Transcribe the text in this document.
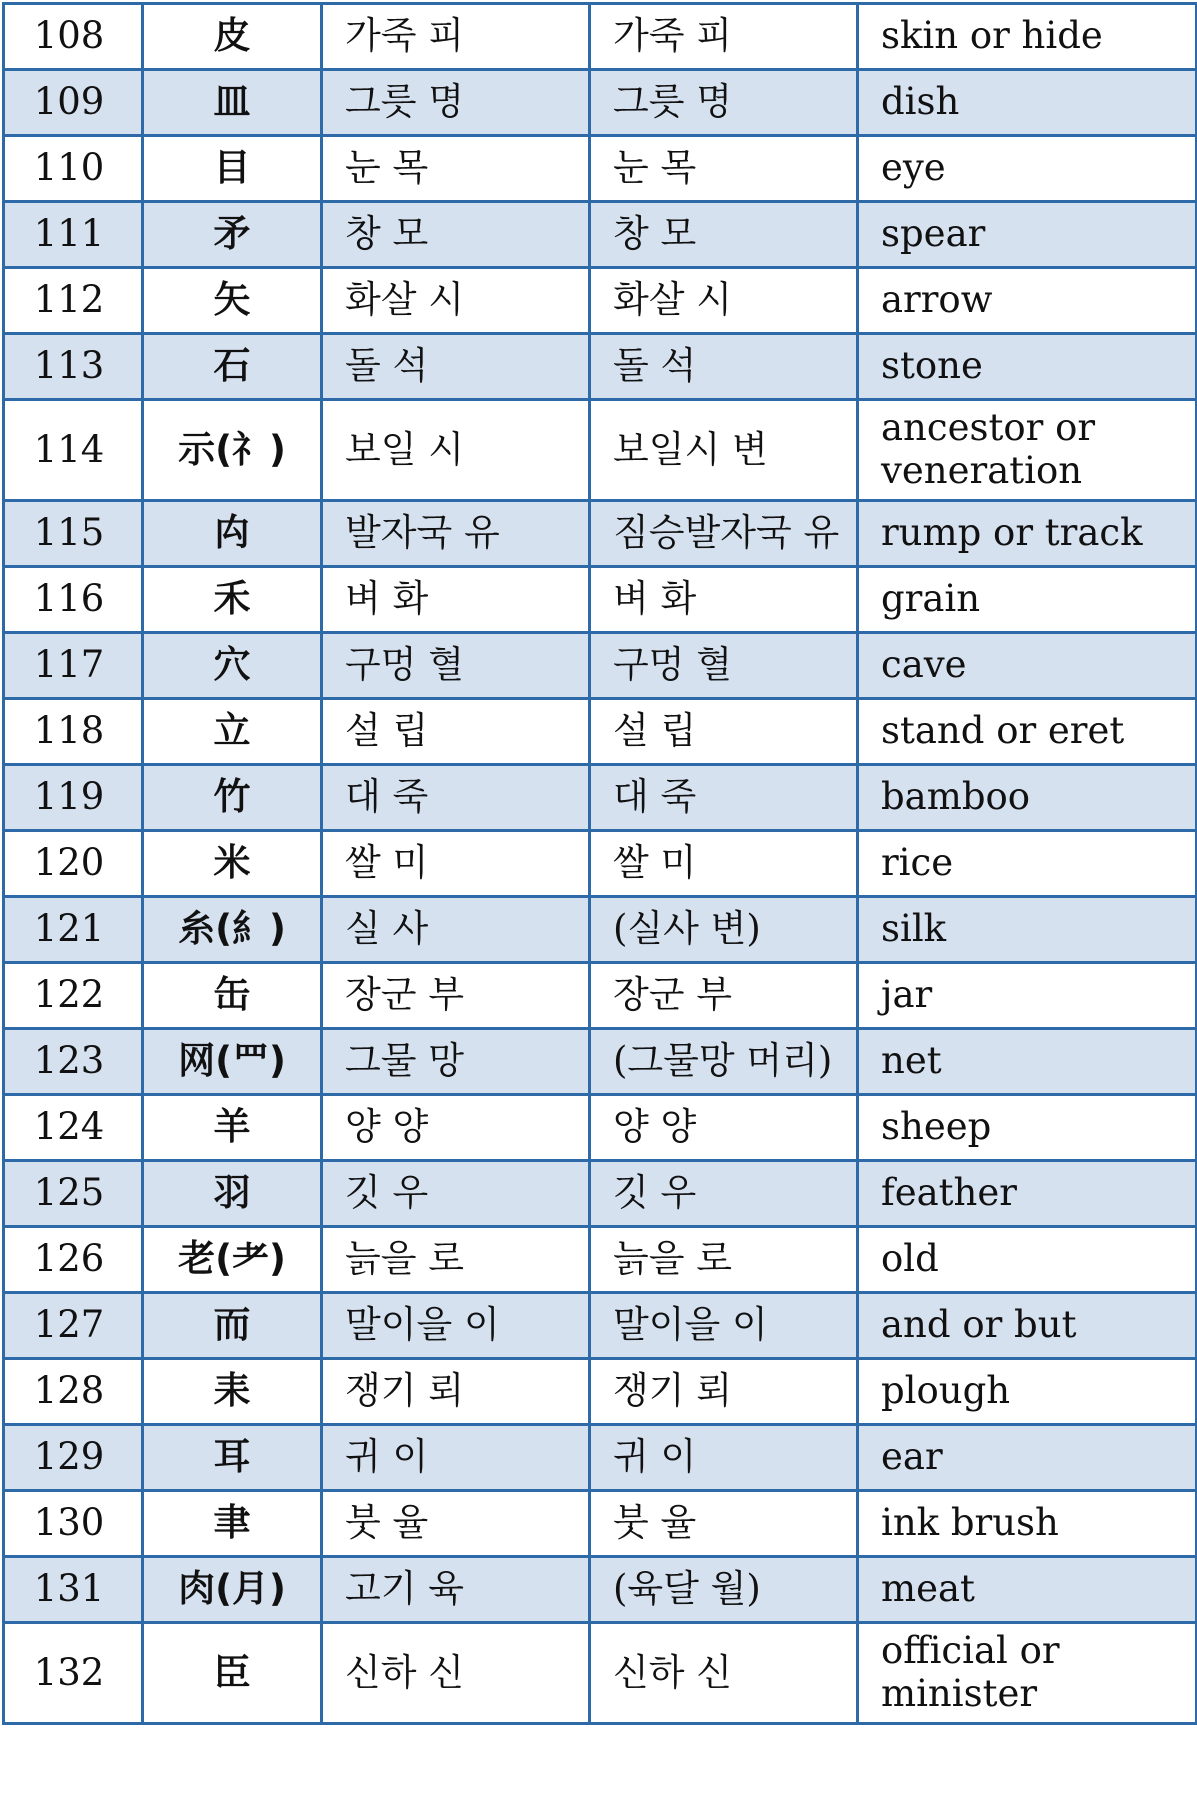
108	皮	가죽 피	가죽 피	skin or hide
109	皿	그릇 명	그릇 명	dish
110	目	눈 목	눈 목	eye
111	矛	창 모	창 모	spear
112	矢	화살 시	화살 시	arrow
113	石	돌 석	돌 석	stone
114	示(礻)	보일 시	보일시 변	ancestor or veneration
115	禸	발자국 유	짐승발자국 유	rump or track
116	禾	벼 화	벼 화	grain
117	穴	구멍 혈	구멍 혈	cave
118	立	설 립	설 립	stand or eret
119	竹	대 죽	대 죽	bamboo
120	米	쌀 미	쌀 미	rice
121	糸(糹)	실 사	(실사 변)	silk
122	缶	장군 부	장군 부	jar
123	网(罒)	그물 망	(그물망 머리)	net
124	羊	양 양	양 양	sheep
125	羽	깃 우	깃 우	feather
126	老(耂)	늙을 로	늙을 로	old
127	而	말이을 이	말이을 이	and or but
128	耒	쟁기 뢰	쟁기 뢰	plough
129	耳	귀 이	귀 이	ear
130	聿	붓 율	붓 율	ink brush
131	肉(月)	고기 육	(육달 월)	meat
132	臣	신하 신	신하 신	official or minister
